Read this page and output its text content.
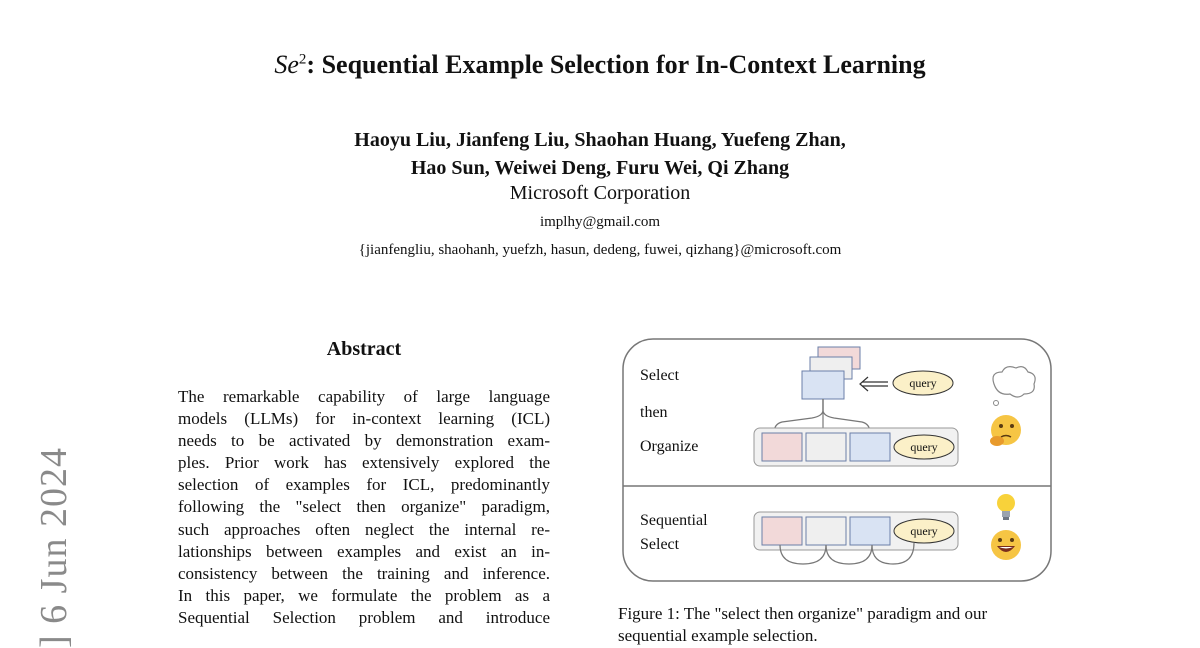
Se$^2$: Sequential Example Selection for In-Context Learning
Haoyu Liu, Jianfeng Liu, Shaohan Huang, Yuefeng Zhan,
Hao Sun, Weiwei Deng, Furu Wei, Qi Zhang
Microsoft Corporation
implhy@gmail.com
{jianfengliu, shaohanh, yuefzh, hasun, dedeng, fuwei, qizhang}@microsoft.com
] 6 Jun 2024
Abstract
The remarkable capability of large language
models (LLMs) for in-context learning (ICL)
needs to be activated by demonstration exam-
ples. Prior work has extensively explored the
selection of examples for ICL, predominantly
following the "select then organize" paradigm,
such approaches often neglect the internal re-
lationships between examples and exist an in-
consistency between the training and inference.
In this paper, we formulate the problem as a
Sequential Selection problem and introduce
Select
then
Organize
query
query
Sequential
Select
query
Figure 1: The "select then organize" paradigm and our
sequential example selection.
